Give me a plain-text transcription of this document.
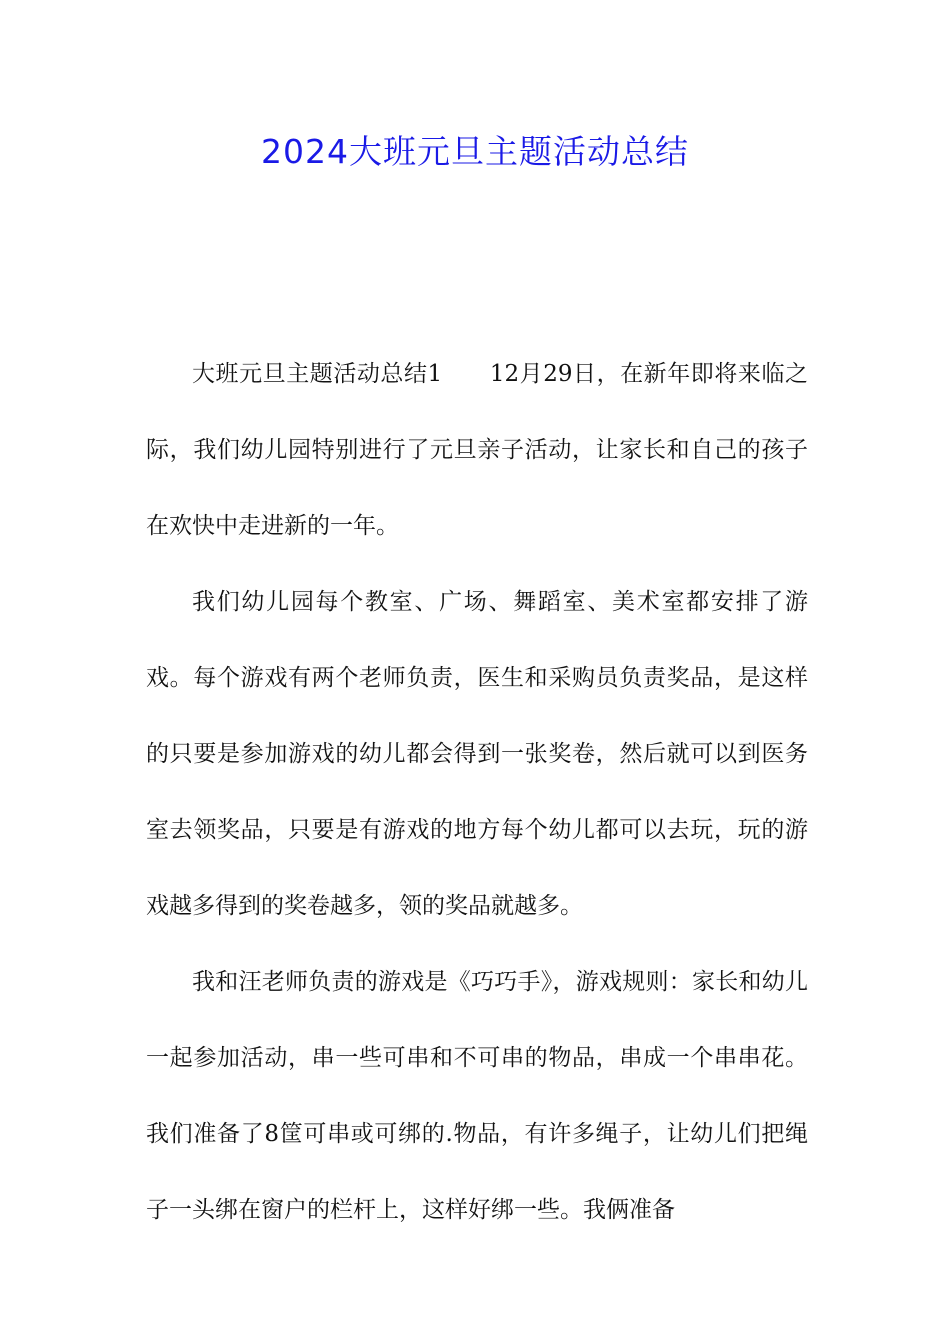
2024大班元旦主题活动总结

大班元旦主题活动总结1　　12月29日，在新年即将来临之际，我们幼儿园特别进行了元旦亲子活动，让家长和自己的孩子在欢快中走进新的一年。

我们幼儿园每个教室、广场、舞蹈室、美术室都安排了游戏。每个游戏有两个老师负责，医生和采购员负责奖品，是这样的只要是参加游戏的幼儿都会得到一张奖卷，然后就可以到医务室去领奖品，只要是有游戏的地方每个幼儿都可以去玩，玩的游戏越多得到的奖卷越多，领的奖品就越多。

我和汪老师负责的游戏是《巧巧手》，游戏规则：家长和幼儿一起参加活动，串一些可串和不可串的物品，串成一个串串花。我们准备了8筐可串或可绑的.物品，有许多绳子，让幼儿们把绳子一头绑在窗户的栏杆上，这样好绑一些。我俩准备
